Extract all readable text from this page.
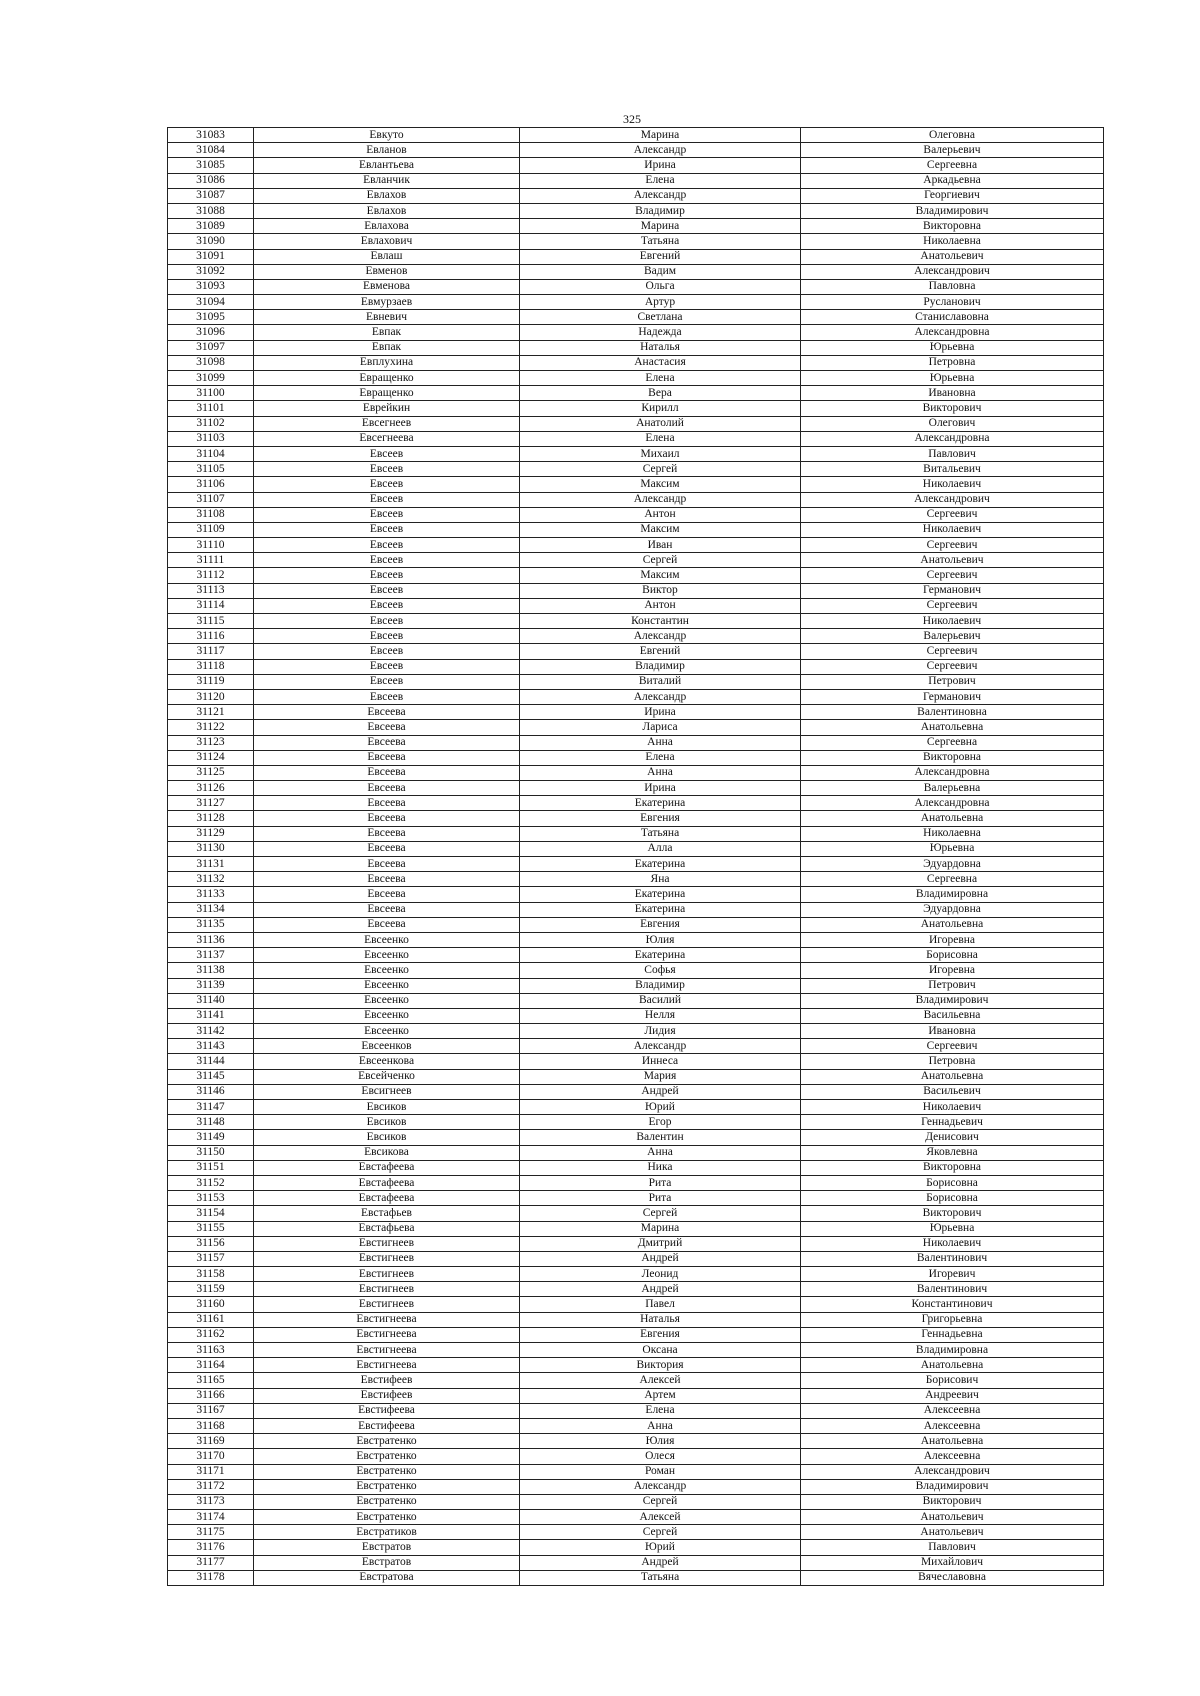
325
31083	Евкуто	Марина	Олеговна
31084	Евланов	Александр	Валерьевич
31085	Евлантьева	Ирина	Сергеевна
31086	Евланчик	Елена	Аркадьевна
31087	Евлахов	Александр	Георгиевич
31088	Евлахов	Владимир	Владимирович
31089	Евлахова	Марина	Викторовна
31090	Евлахович	Татьяна	Николаевна
31091	Евлаш	Евгений	Анатольевич
31092	Евменов	Вадим	Александрович
31093	Евменова	Ольга	Павловна
31094	Евмурзаев	Артур	Русланович
31095	Евневич	Светлана	Станиславовна
31096	Евпак	Надежда	Александровна
31097	Евпак	Наталья	Юрьевна
31098	Евплухина	Анастасия	Петровна
31099	Евращенко	Елена	Юрьевна
31100	Евращенко	Вера	Ивановна
31101	Еврейкин	Кирилл	Викторович
31102	Евсегнеев	Анатолий	Олегович
31103	Евсегнеева	Елена	Александровна
31104	Евсеев	Михаил	Павлович
31105	Евсеев	Сергей	Витальевич
31106	Евсеев	Максим	Николаевич
31107	Евсеев	Александр	Александрович
31108	Евсеев	Антон	Сергеевич
31109	Евсеев	Максим	Николаевич
31110	Евсеев	Иван	Сергеевич
31111	Евсеев	Сергей	Анатольевич
31112	Евсеев	Максим	Сергеевич
31113	Евсеев	Виктор	Германович
31114	Евсеев	Антон	Сергеевич
31115	Евсеев	Константин	Николаевич
31116	Евсеев	Александр	Валерьевич
31117	Евсеев	Евгений	Сергеевич
31118	Евсеев	Владимир	Сергеевич
31119	Евсеев	Виталий	Петрович
31120	Евсеев	Александр	Германович
31121	Евсеева	Ирина	Валентиновна
31122	Евсеева	Лариса	Анатольевна
31123	Евсеева	Анна	Сергеевна
31124	Евсеева	Елена	Викторовна
31125	Евсеева	Анна	Александровна
31126	Евсеева	Ирина	Валерьевна
31127	Евсеева	Екатерина	Александровна
31128	Евсеева	Евгения	Анатольевна
31129	Евсеева	Татьяна	Николаевна
31130	Евсеева	Алла	Юрьевна
31131	Евсеева	Екатерина	Эдуардовна
31132	Евсеева	Яна	Сергеевна
31133	Евсеева	Екатерина	Владимировна
31134	Евсеева	Екатерина	Эдуардовна
31135	Евсеева	Евгения	Анатольевна
31136	Евсеенко	Юлия	Игоревна
31137	Евсеенко	Екатерина	Борисовна
31138	Евсеенко	Софья	Игоревна
31139	Евсеенко	Владимир	Петрович
31140	Евсеенко	Василий	Владимирович
31141	Евсеенко	Нелля	Васильевна
31142	Евсеенко	Лидия	Ивановна
31143	Евсеенков	Александр	Сергеевич
31144	Евсеенкова	Иннеса	Петровна
31145	Евсейченко	Мария	Анатольевна
31146	Евсигнеев	Андрей	Васильевич
31147	Евсиков	Юрий	Николаевич
31148	Евсиков	Егор	Геннадьевич
31149	Евсиков	Валентин	Денисович
31150	Евсикова	Анна	Яковлевна
31151	Евстафеева	Ника	Викторовна
31152	Евстафеева	Рита	Борисовна
31153	Евстафеева	Рита	Борисовна
31154	Евстафьев	Сергей	Викторович
31155	Евстафьева	Марина	Юрьевна
31156	Евстигнеев	Дмитрий	Николаевич
31157	Евстигнеев	Андрей	Валентинович
31158	Евстигнеев	Леонид	Игоревич
31159	Евстигнеев	Андрей	Валентинович
31160	Евстигнеев	Павел	Константинович
31161	Евстигнеева	Наталья	Григорьевна
31162	Евстигнеева	Евгения	Геннадьевна
31163	Евстигнеева	Оксана	Владимировна
31164	Евстигнеева	Виктория	Анатольевна
31165	Евстифеев	Алексей	Борисович
31166	Евстифеев	Артем	Андреевич
31167	Евстифеева	Елена	Алексеевна
31168	Евстифеева	Анна	Алексеевна
31169	Евстратенко	Юлия	Анатольевна
31170	Евстратенко	Олеся	Алексеевна
31171	Евстратенко	Роман	Александрович
31172	Евстратенко	Александр	Владимирович
31173	Евстратенко	Сергей	Викторович
31174	Евстратенко	Алексей	Анатольевич
31175	Евстратиков	Сергей	Анатольевич
31176	Евстратов	Юрий	Павлович
31177	Евстратов	Андрей	Михайлович
31178	Евстратова	Татьяна	Вячеславовна
